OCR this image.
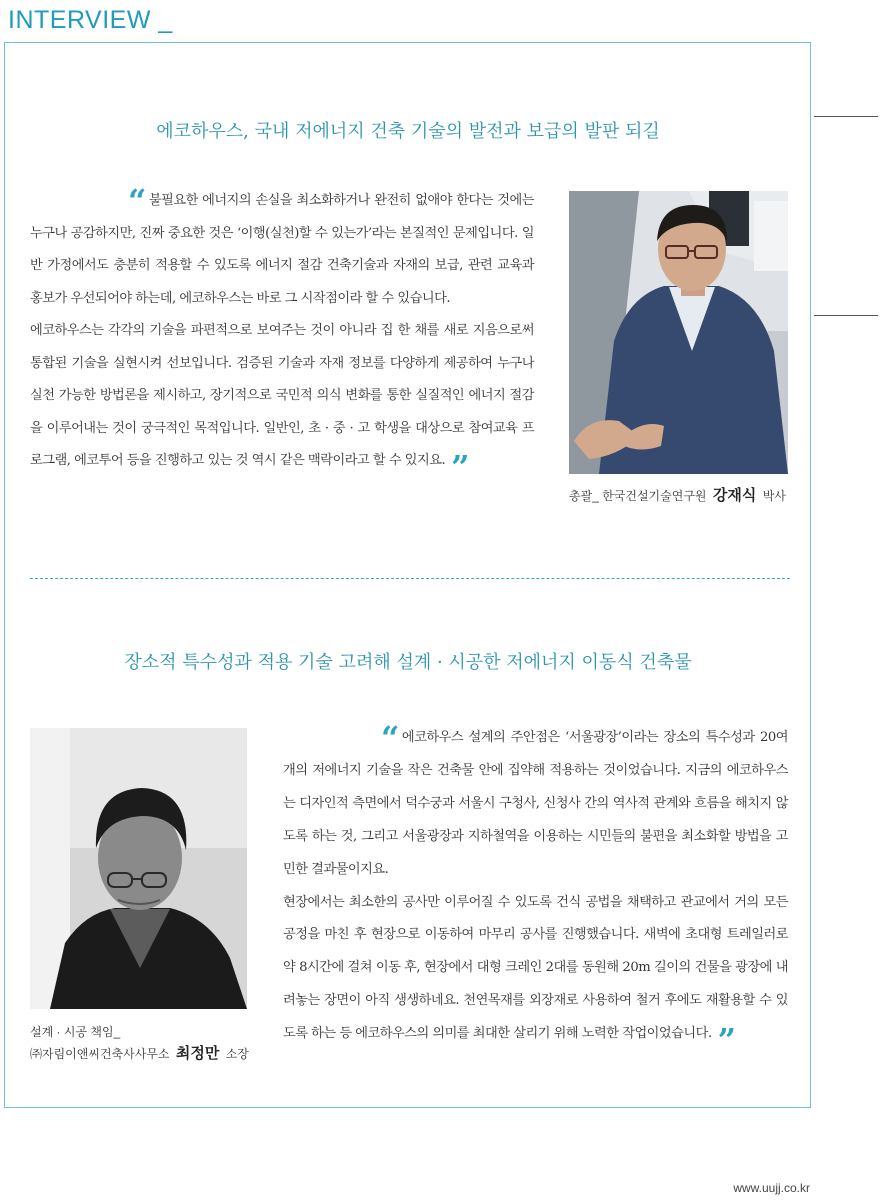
INTERVIEW _
에코하우스, 국내 저에너지 건축 기술의 발전과 보급의 발판 되길

“ 불필요한 에너지의 손실을 최소화하거나 완전히 없애야 한다는 것에는 누구나 공감하지만, 진짜 중요한 것은 ‘이행(실천)할 수 있는가’라는 본질적인 문제입니다. 일반 가정에서도 충분히 적용할 수 있도록 에너지 절감 건축기술과 자재의 보급, 관련 교육과 홍보가 우선되어야 하는데, 에코하우스는 바로 그 시작점이라 할 수 있습니다.

에코하우스는 각각의 기술을 파편적으로 보여주는 것이 아니라 집 한 채를 새로 지음으로써 통합된 기술을 실현시켜 선보입니다. 검증된 기술과 자재 정보를 다양하게 제공하여 누구나 실천 가능한 방법론을 제시하고, 장기적으로 국민적 의식 변화를 통한 실질적인 에너지 절감을 이루어내는 것이 궁극적인 목적입니다. 일반인, 초 · 중 · 고 학생을 대상으로 참여교육 프로그램, 에코투어 등을 진행하고 있는 것 역시 같은 맥락이라고 할 수 있지요. ”

총괄_ 한국건설기술연구원 강재식 박사
장소적 특수성과 적용 기술 고려해 설계 · 시공한 저에너지 이동식 건축물
설계 · 시공 책임_
㈜자림이앤씨건축사사무소 최정만 소장

“ 에코하우스 설계의 주안점은 ‘서울광장’이라는 장소의 특수성과 20여 개의 저에너지 기술을 작은 건축물 안에 집약해 적용하는 것이었습니다. 지금의 에코하우스는 디자인적 측면에서 덕수궁과 서울시 구청사, 신청사 간의 역사적 관계와 흐름을 해치지 않도록 하는 것, 그리고 서울광장과 지하철역을 이용하는 시민들의 불편을 최소화할 방법을 고민한 결과물이지요.

현장에서는 최소한의 공사만 이루어질 수 있도록 건식 공법을 채택하고 관교에서 거의 모든 공정을 마친 후 현장으로 이동하여 마무리 공사를 진행했습니다. 새벽에 초대형 트레일러로 약 8시간에 걸쳐 이동 후, 현장에서 대형 크레인 2대를 동원해 20m 길이의 건물을 광장에 내려놓는 장면이 아직 생생하네요. 천연목재를 외장재로 사용하여 철거 후에도 재활용할 수 있도록 하는 등 에코하우스의 의미를 최대한 살리기 위해 노력한 작업이었습니다. ”

www.uujj.co.kr
